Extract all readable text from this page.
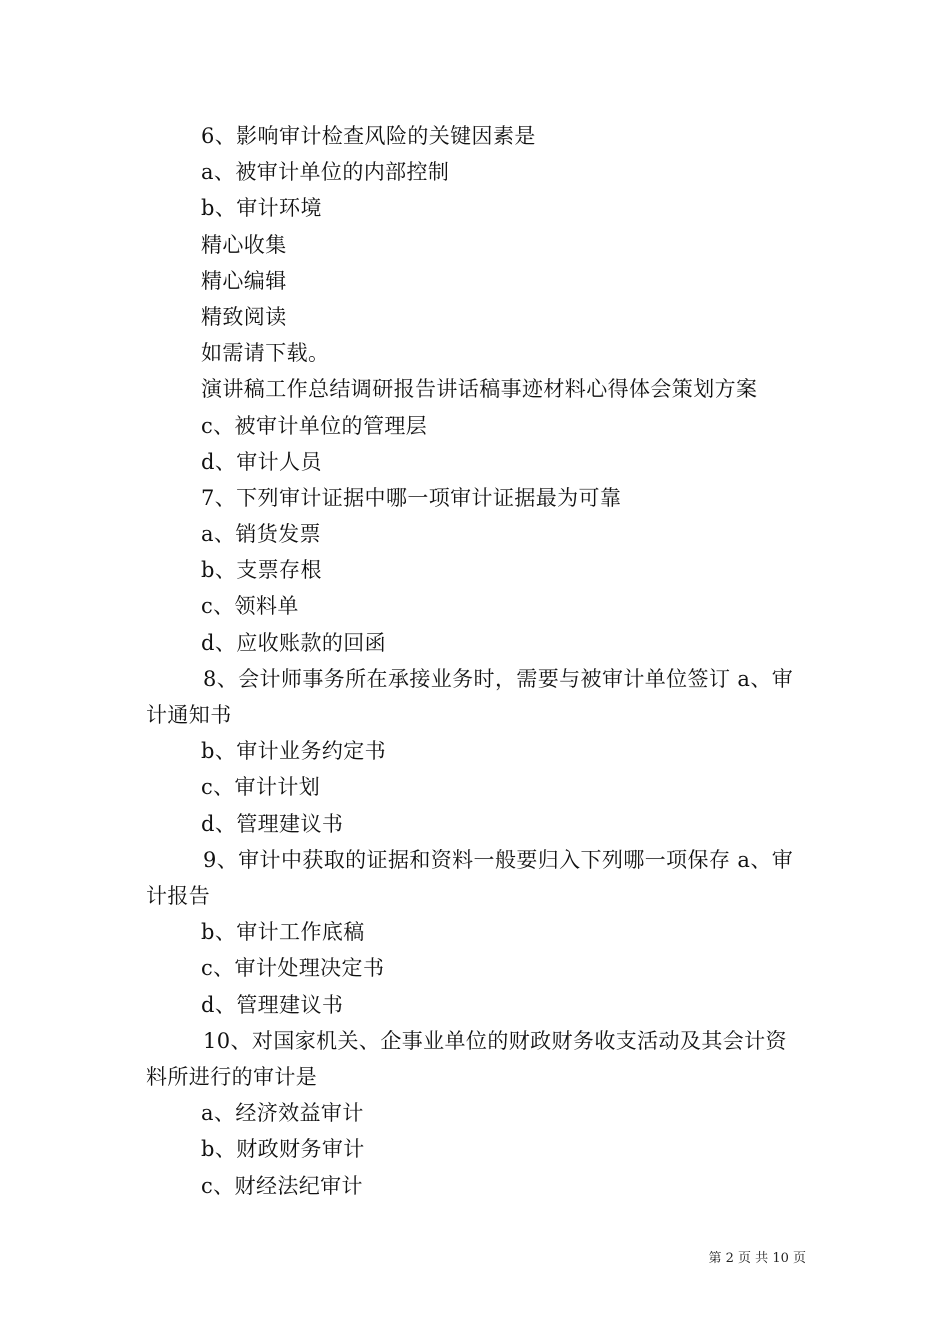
6、影响审计检查风险的关键因素是
a、被审计单位的内部控制
b、审计环境
精心收集
精心编辑
精致阅读
如需请下载。
演讲稿工作总结调研报告讲话稿事迹材料心得体会策划方案
c、被审计单位的管理层
d、审计人员
7、下列审计证据中哪一项审计证据最为可靠
a、销货发票
b、支票存根
c、领料单
d、应收账款的回函
8、会计师事务所在承接业务时，需要与被审计单位签订 a、审计通知书
b、审计业务约定书
c、审计计划
d、管理建议书
9、审计中获取的证据和资料一般要归入下列哪一项保存 a、审计报告
b、审计工作底稿
c、审计处理决定书
d、管理建议书
10、对国家机关、企事业单位的财政财务收支活动及其会计资料所进行的审计是
a、经济效益审计
b、财政财务审计
c、财经法纪审计
第 2 页 共 10 页
